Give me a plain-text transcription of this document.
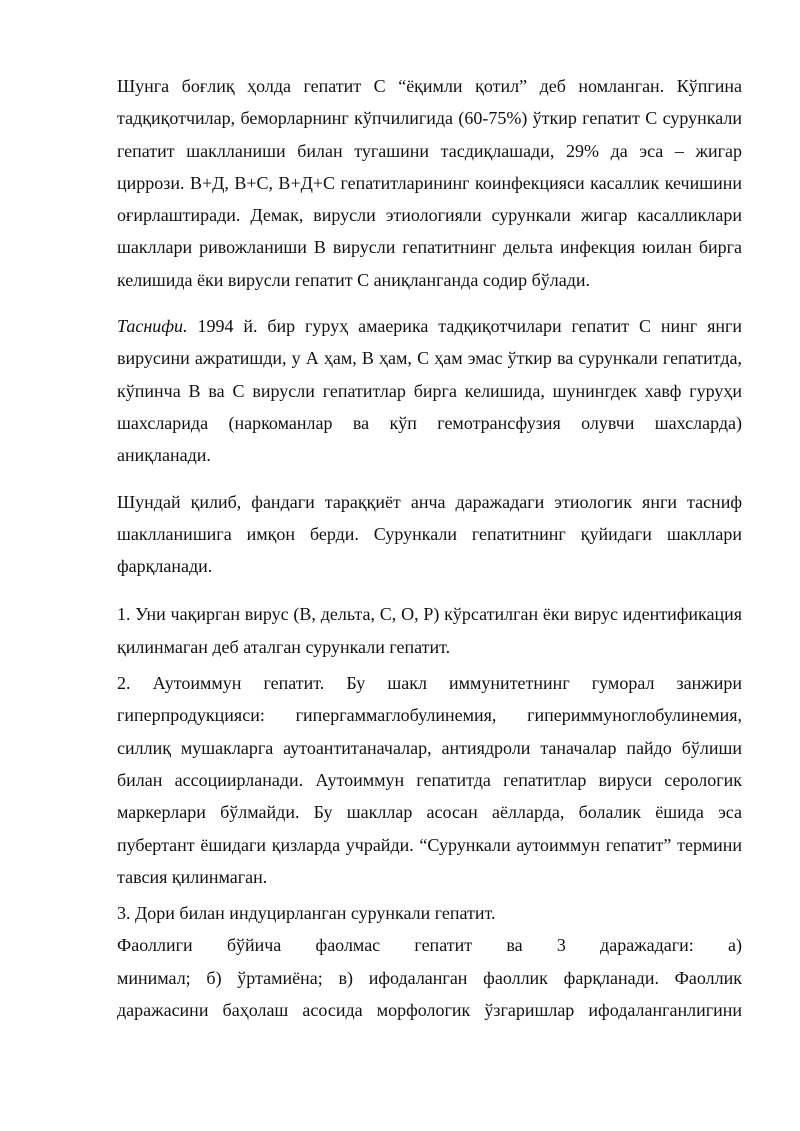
Шунга боғлиқ ҳолда гепатит С “ёқимли қотил” деб номланган. Кўпгина тадқиқотчилар, беморларнинг кўпчилигида (60-75%) ўткир гепатит С сурункали гепатит шаклланиши билан тугашини тасдиқлашади, 29% да эса – жигар циррози. В+Д, В+С, В+Д+С гепатитларининг коинфекцияси касаллик кечишини оғирлаштиради. Демак, вирусли этиологияли сурункали жигар касалликлари шакллари ривожланиши В вирусли гепатитнинг дельта инфекция юилан бирга келишида ёки вирусли гепатит С аниқланганда содир бўлади.

Таснифи. 1994 й. бир гуруҳ амаерика тадқиқотчилари гепатит С нинг янги вирусини ажратишди, у А ҳам, В ҳам, С ҳам эмас ўткир ва сурункали гепатитда, кўпинча В ва С вирусли гепатитлар бирга келишида, шунингдек хавф гуруҳи шахсларида (наркоманлар ва кўп гемотрансфузия олувчи шахсларда) аниқланади.

Шундай қилиб, фандаги тараққиёт анча даражадаги этиологик янги тасниф шаклланишига имқон берди. Сурункали гепатитнинг қуйидаги шакллари фарқланади.

1. Уни чақирган вирус (В, дельта, С, О, Р) кўрсатилган ёки вирус идентификация қилинмаган деб аталган сурункали гепатит.

2. Аутоиммун гепатит. Бу шакл иммунитетнинг гуморал занжири гиперпродукцияси: гипергаммаглобулинемия, гипериммуноглобулинемия, силлиқ мушакларга аутоантитаначалар, антиядроли таначалар пайдо бўлиши билан ассоциирланади. Аутоиммун гепатитда гепатитлар вируси серологик маркерлари бўлмайди. Бу шакллар асосан аёлларда, болалик ёшида эса пубертант ёшидаги қизларда учрайди. “Сурункали аутоиммун гепатит” термини тавсия қилинмаган.

3. Дори билан индуцирланган сурункали гепатит.

Фаоллиги бўйича фаолмас гепатит ва 3 даражадаги: а)

минимал; б) ўртамиёна; в) ифодаланган фаоллик фарқланади. Фаоллик даражасини баҳолаш асосида морфологик ўзгаришлар ифодаланганлигини
